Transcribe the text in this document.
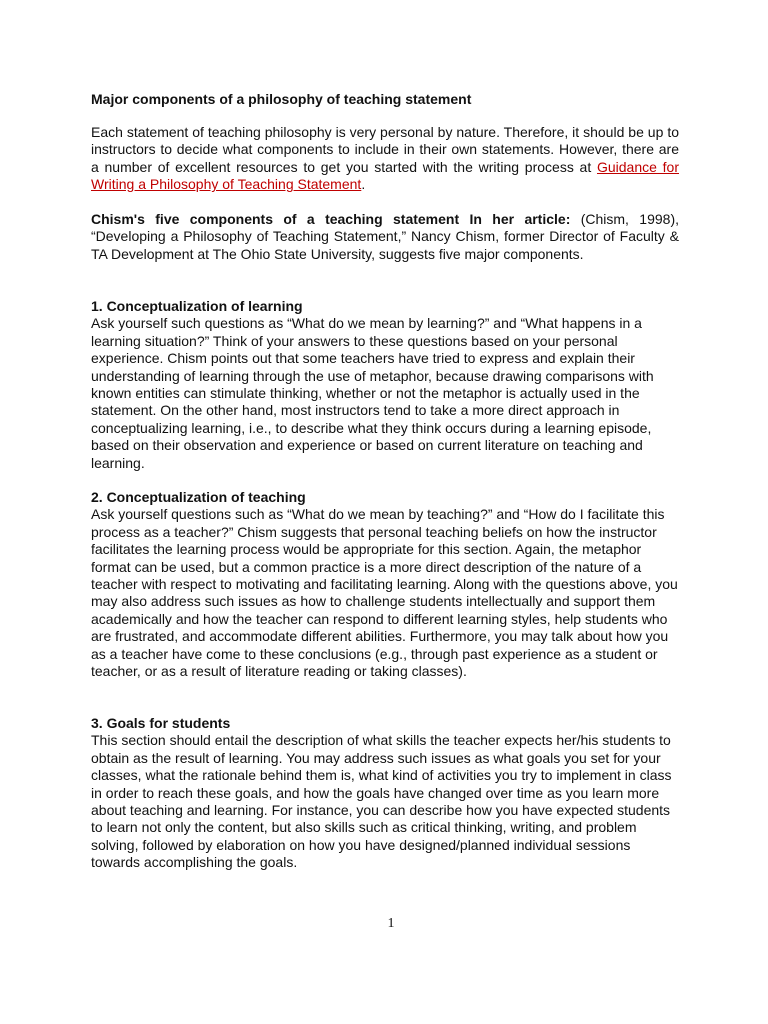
Major components of a philosophy of teaching statement
Each statement of teaching philosophy is very personal by nature. Therefore, it should be up to instructors to decide what components to include in their own statements. However, there are a number of excellent resources to get you started with the writing process at Guidance for Writing a Philosophy of Teaching Statement.
Chism's five components of a teaching statement In her article: (Chism, 1998), “Developing a Philosophy of Teaching Statement,” Nancy Chism, former Director of Faculty & TA Development at The Ohio State University, suggests five major components.
1. Conceptualization of learning
Ask yourself such questions as “What do we mean by learning?” and “What happens in a learning situation?” Think of your answers to these questions based on your personal experience. Chism points out that some teachers have tried to express and explain their understanding of learning through the use of metaphor, because drawing comparisons with known entities can stimulate thinking, whether or not the metaphor is actually used in the statement. On the other hand, most instructors tend to take a more direct approach in conceptualizing learning, i.e., to describe what they think occurs during a learning episode, based on their observation and experience or based on current literature on teaching and learning.
2. Conceptualization of teaching
Ask yourself questions such as “What do we mean by teaching?” and “How do I facilitate this process as a teacher?” Chism suggests that personal teaching beliefs on how the instructor facilitates the learning process would be appropriate for this section. Again, the metaphor format can be used, but a common practice is a more direct description of the nature of a teacher with respect to motivating and facilitating learning. Along with the questions above, you may also address such issues as how to challenge students intellectually and support them academically and how the teacher can respond to different learning styles, help students who are frustrated, and accommodate different abilities. Furthermore, you may talk about how you as a teacher have come to these conclusions (e.g., through past experience as a student or teacher, or as a result of literature reading or taking classes).
3. Goals for students
This section should entail the description of what skills the teacher expects her/his students to obtain as the result of learning. You may address such issues as what goals you set for your classes, what the rationale behind them is, what kind of activities you try to implement in class in order to reach these goals, and how the goals have changed over time as you learn more about teaching and learning. For instance, you can describe how you have expected students to learn not only the content, but also skills such as critical thinking, writing, and problem solving, followed by elaboration on how you have designed/planned individual sessions towards accomplishing the goals.
1
